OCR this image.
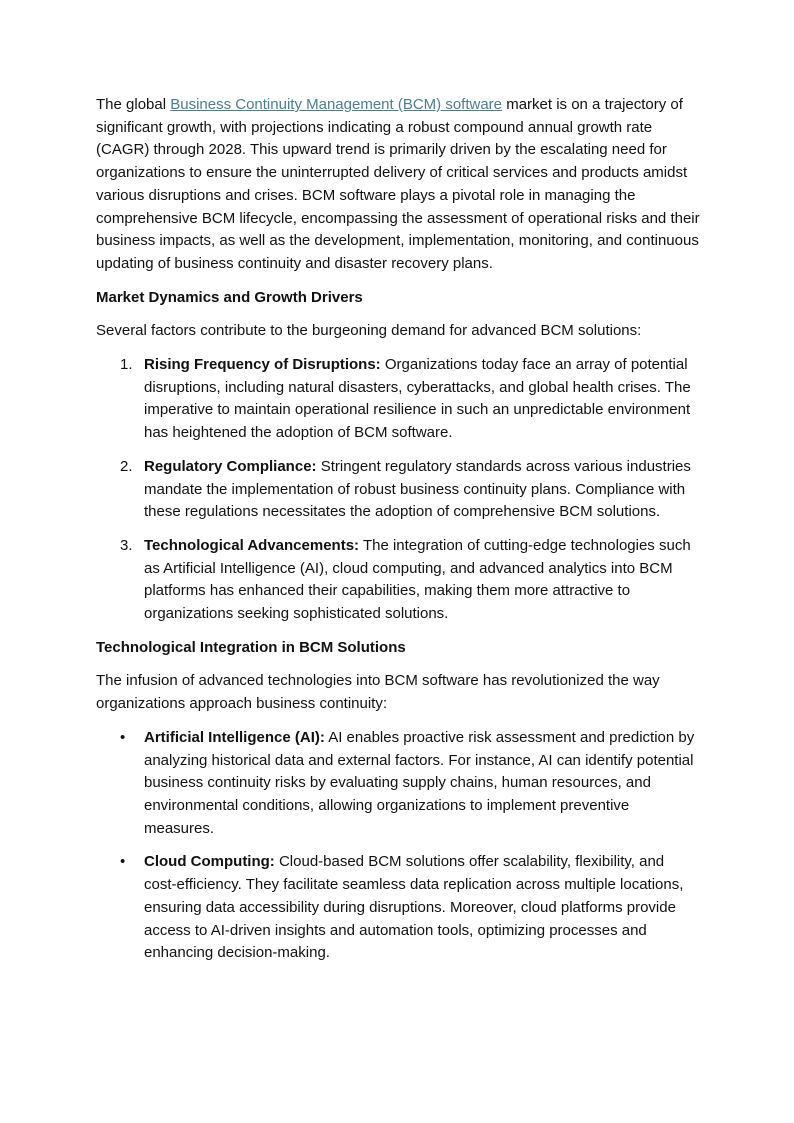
The global Business Continuity Management (BCM) software market is on a trajectory of significant growth, with projections indicating a robust compound annual growth rate (CAGR) through 2028. This upward trend is primarily driven by the escalating need for organizations to ensure the uninterrupted delivery of critical services and products amidst various disruptions and crises. BCM software plays a pivotal role in managing the comprehensive BCM lifecycle, encompassing the assessment of operational risks and their business impacts, as well as the development, implementation, monitoring, and continuous updating of business continuity and disaster recovery plans.

Market Dynamics and Growth Drivers

Several factors contribute to the burgeoning demand for advanced BCM solutions:

1. Rising Frequency of Disruptions: Organizations today face an array of potential disruptions, including natural disasters, cyberattacks, and global health crises. The imperative to maintain operational resilience in such an unpredictable environment has heightened the adoption of BCM software.
2. Regulatory Compliance: Stringent regulatory standards across various industries mandate the implementation of robust business continuity plans. Compliance with these regulations necessitates the adoption of comprehensive BCM solutions.
3. Technological Advancements: The integration of cutting-edge technologies such as Artificial Intelligence (AI), cloud computing, and advanced analytics into BCM platforms has enhanced their capabilities, making them more attractive to organizations seeking sophisticated solutions.

Technological Integration in BCM Solutions

The infusion of advanced technologies into BCM software has revolutionized the way organizations approach business continuity:

• Artificial Intelligence (AI): AI enables proactive risk assessment and prediction by analyzing historical data and external factors. For instance, AI can identify potential business continuity risks by evaluating supply chains, human resources, and environmental conditions, allowing organizations to implement preventive measures.
• Cloud Computing: Cloud-based BCM solutions offer scalability, flexibility, and cost-efficiency. They facilitate seamless data replication across multiple locations, ensuring data accessibility during disruptions. Moreover, cloud platforms provide access to AI-driven insights and automation tools, optimizing processes and enhancing decision-making.
